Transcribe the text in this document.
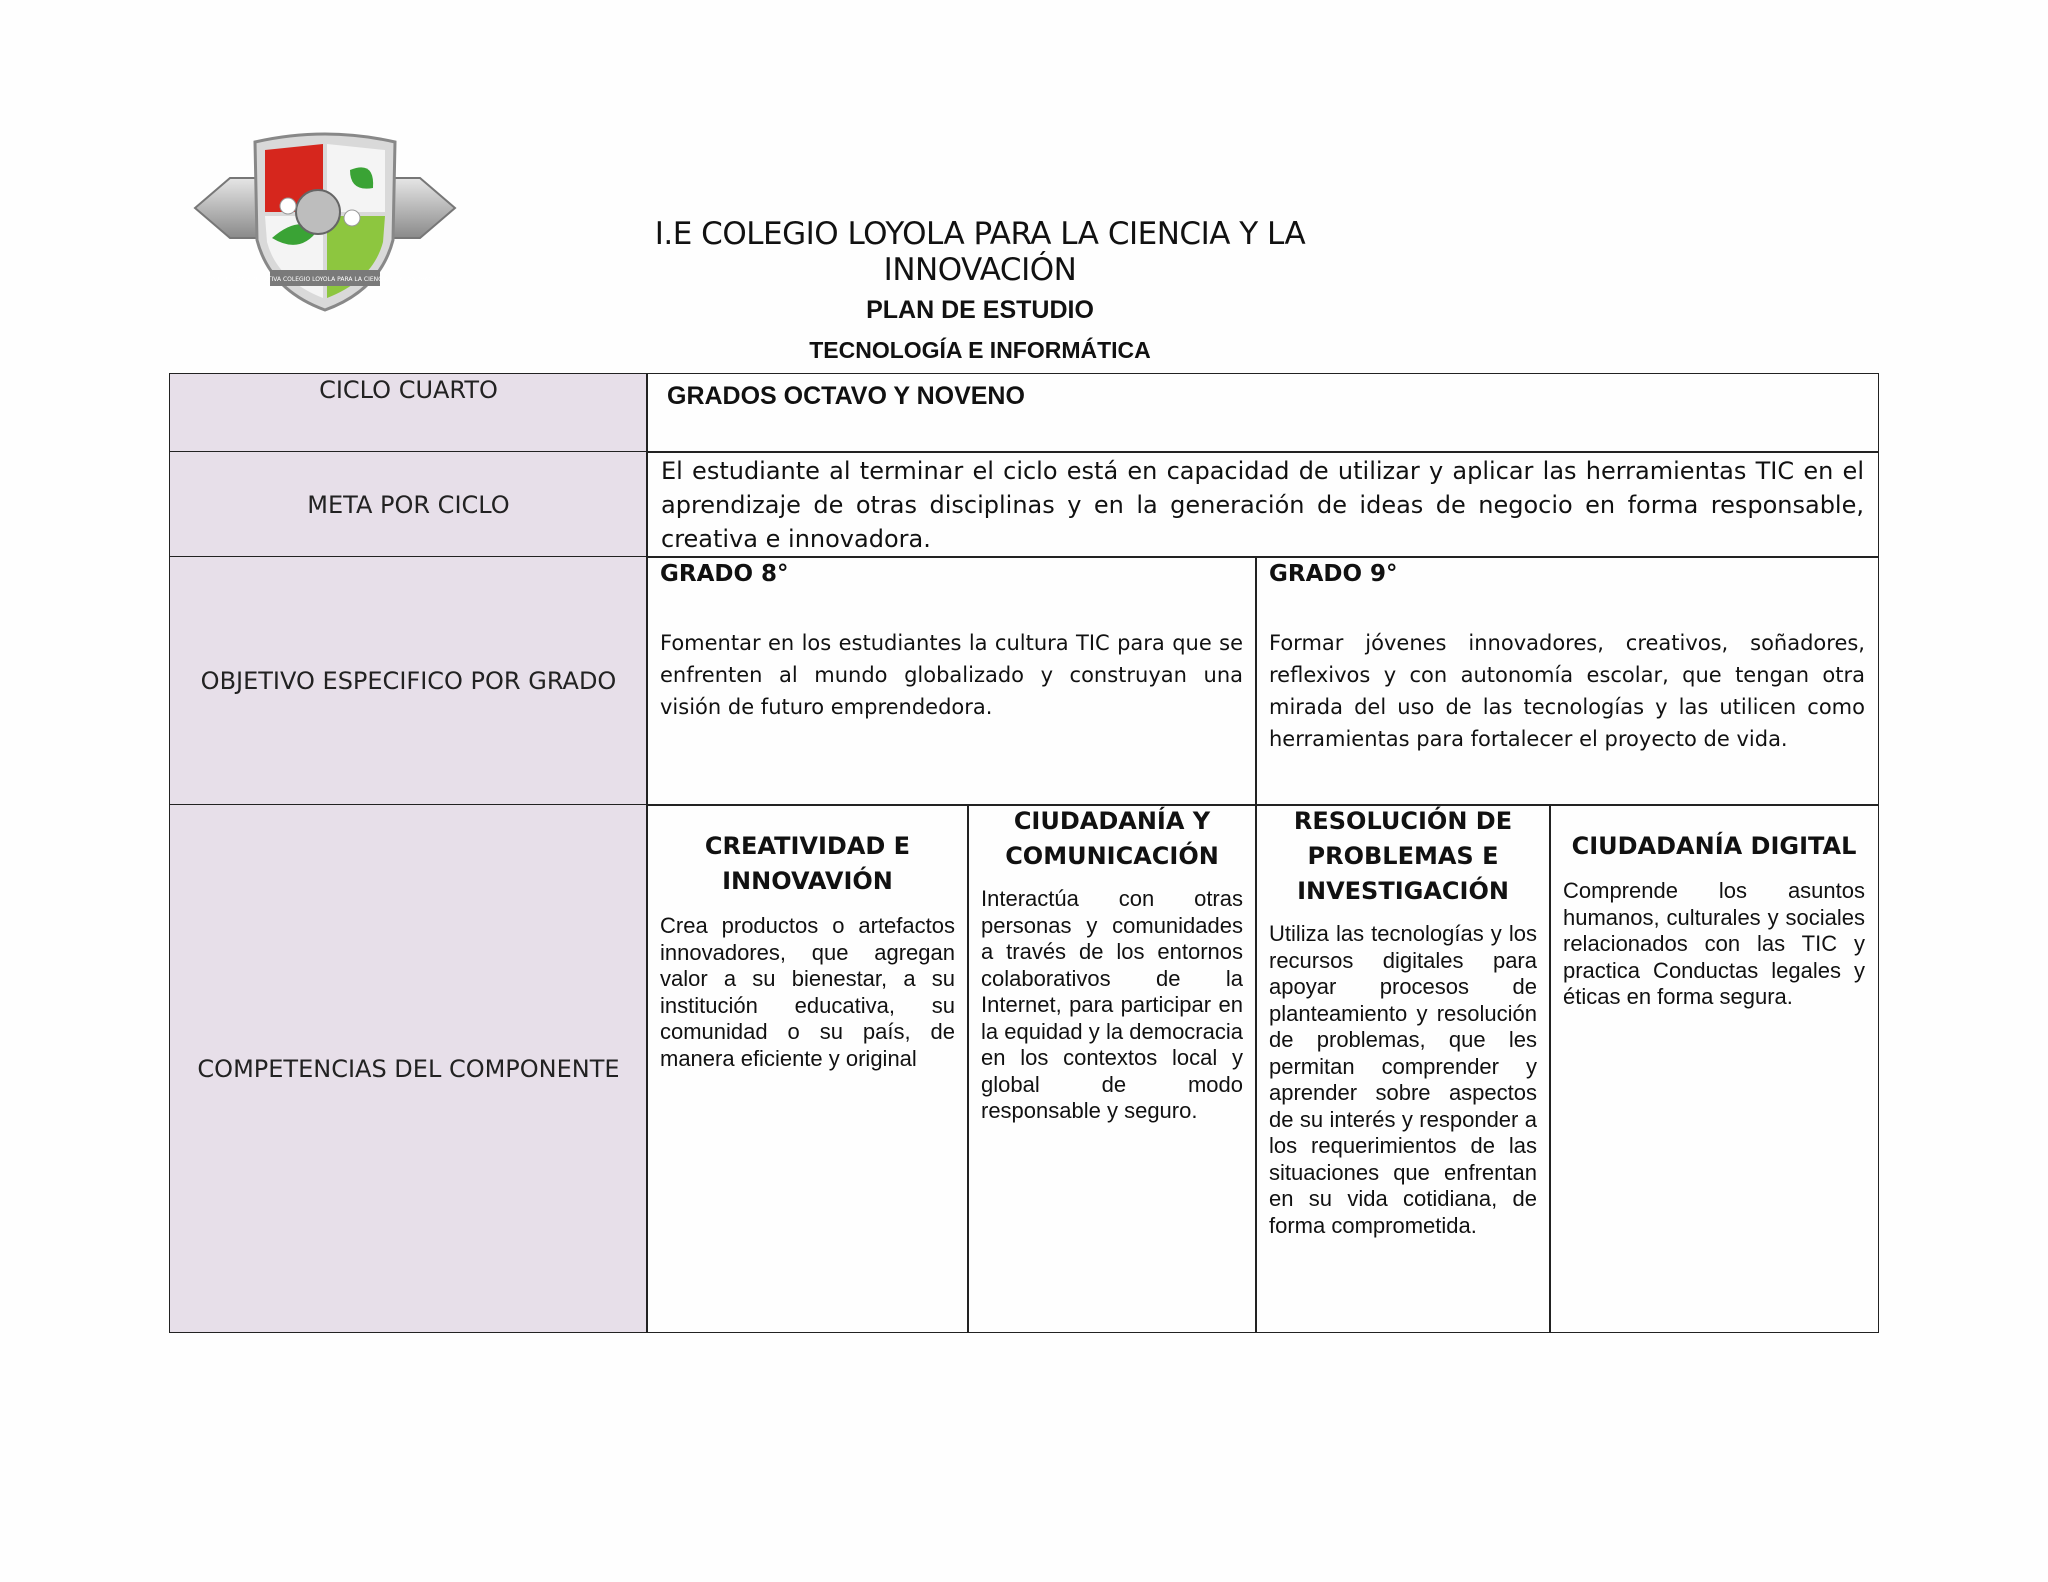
INSTITUCIÓN EDUCATIVA COLEGIO LOYOLA PARA LA CIENCIA Y LA INNOVACIÓN
I.E COLEGIO LOYOLA PARA LA CIENCIA Y LA INNOVACIÓN
PLAN DE ESTUDIO
TECNOLOGÍA E INFORMÁTICA
CICLO CUARTO	GRADOS OCTAVO Y NOVENO
META POR CICLO
El estudiante al terminar el ciclo está en capacidad de utilizar y aplicar las herramientas TIC en el aprendizaje de otras disciplinas y en la generación de ideas de negocio en forma responsable, creativa e innovadora.
OBJETIVO ESPECIFICO POR GRADO
GRADO 8°
Fomentar en los estudiantes la cultura TIC para que se enfrenten al mundo globalizado y construyan una visión de futuro emprendedora.
GRADO 9°
Formar jóvenes innovadores, creativos, soñadores, reflexivos y con autonomía escolar, que tengan otra mirada del uso de las tecnologías y las utilicen como herramientas para fortalecer el proyecto de vida.
COMPETENCIAS DEL COMPONENTE
CREATIVIDAD E INNOVAVIÓN
Crea productos o artefactos innovadores, que agregan valor a su bienestar, a su institución educativa, su comunidad o su país, de manera eficiente y original
CIUDADANÍA Y COMUNICACIÓN
Interactúa con otras personas y comunidades a través de los entornos colaborativos de la Internet, para participar en la equidad y la democracia en los contextos local y global de modo responsable y seguro.
RESOLUCIÓN DE PROBLEMAS E INVESTIGACIÓN
Utiliza las tecnologías y los recursos digitales para apoyar procesos de planteamiento y resolución de problemas, que les permitan comprender y aprender sobre aspectos de su interés y responder a los requerimientos de las situaciones que enfrentan en su vida cotidiana, de forma comprometida.
CIUDADANÍA DIGITAL
Comprende los asuntos humanos, culturales y sociales relacionados con las TIC y practica Conductas legales y éticas en forma segura.
